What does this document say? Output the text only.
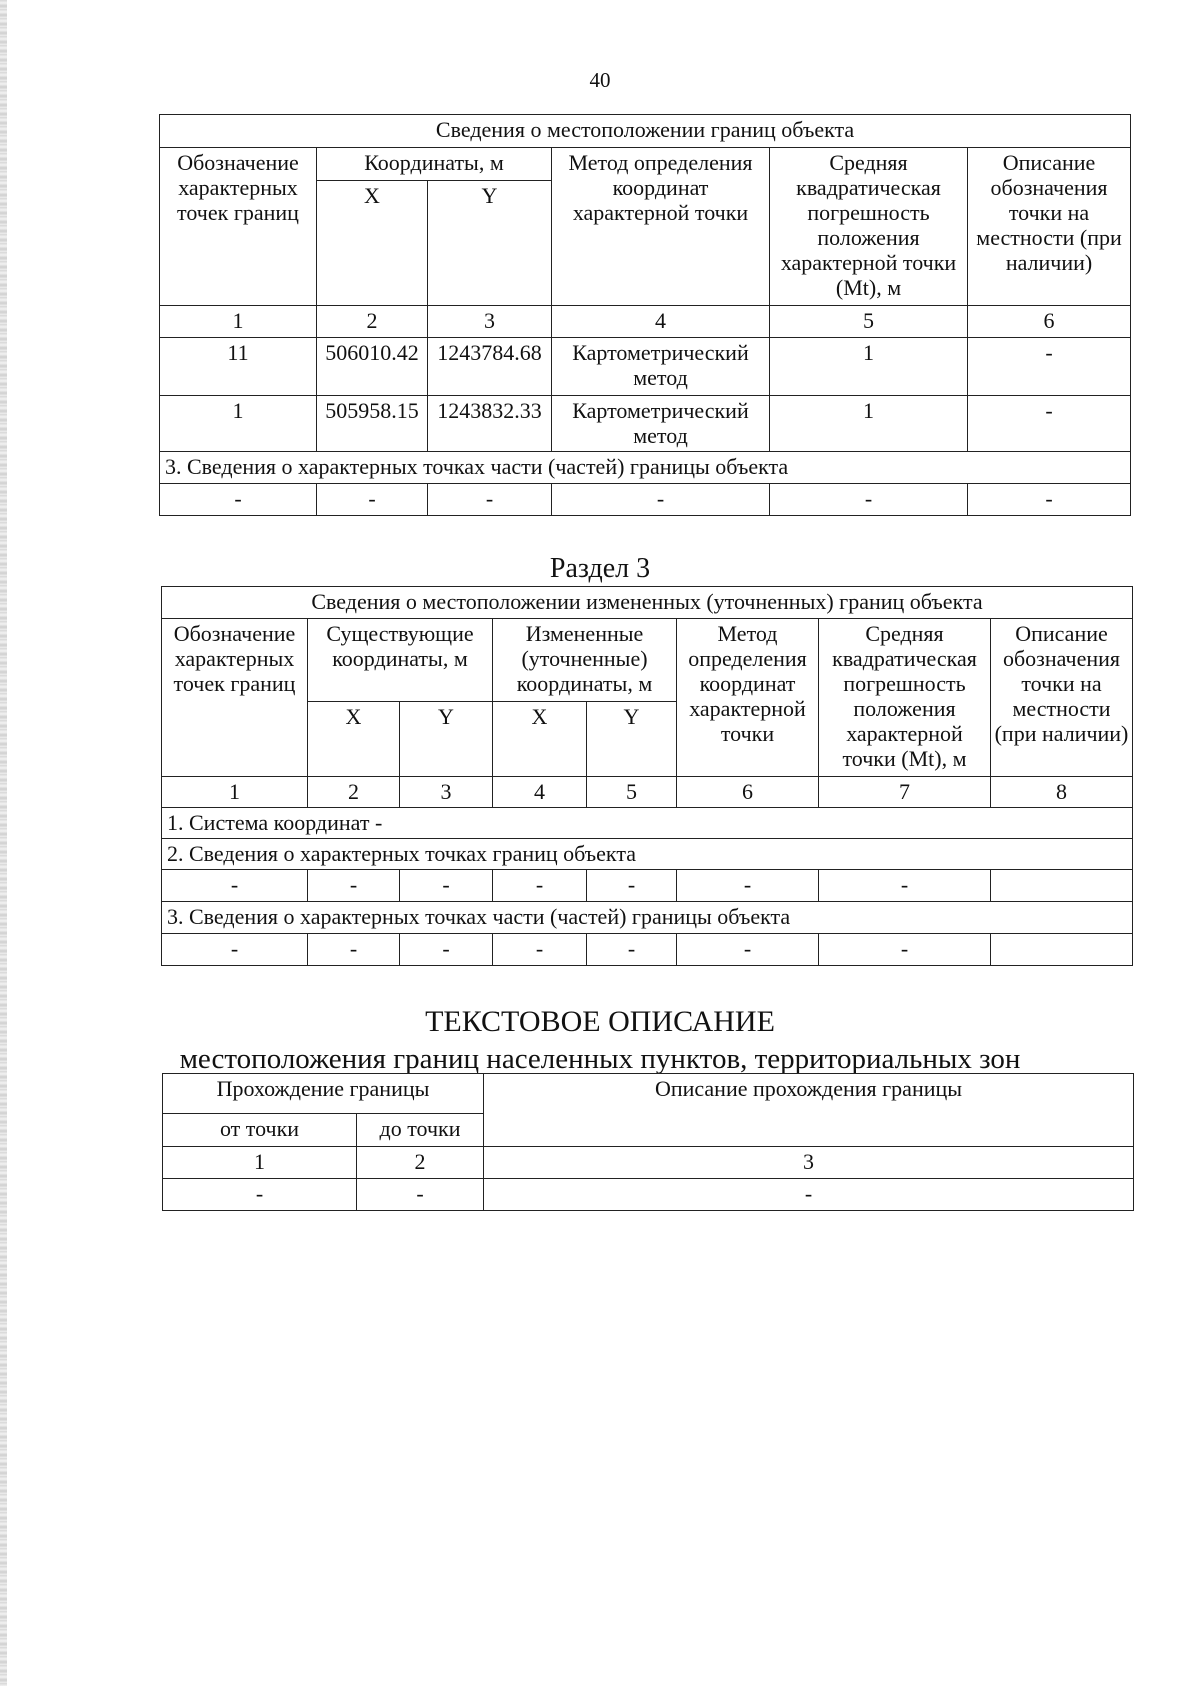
40
Сведения о местоположении границ объекта					
Обозначение характерных точек границ	Координаты, м		Метод определения координат характерной точки	Средняя квадратическая погрешность положения характерной точки (Mt), м	Описание обозначения точки на местности (при наличии)
	X	Y			
1	2	3	4	5	6
11	506010.42	1243784.68	Картометрический метод	1	-
1	505958.15	1243832.33	Картометрический метод	1	-
3. Сведения о характерных точках части (частей) границы объекта					
-	-	-	-	-	-
Раздел 3
Сведения о местоположении измененных (уточненных) границ объекта							
Обозначение характерных точек границ	Существующие координаты, м		Измененные (уточненные) координаты, м		Метод определения координат характерной точки	Средняя квадратическая погрешность положения характерной точки (Mt), м	Описание обозначения точки на местности (при наличии)
	X	Y	X	Y			
1	2	3	4	5	6	7	8
1. Система координат -							
2. Сведения о характерных точках границ объекта							
-	-	-	-	-	-	-	
3. Сведения о характерных точках части (частей) границы объекта							
-	-	-	-	-	-	-	
ТЕКСТОВОЕ ОПИСАНИЕ
местоположения границ населенных пунктов, территориальных зон
Прохождение границы		Описание прохождения границы
от точки	до точки	
1	2	3
-	-	-
